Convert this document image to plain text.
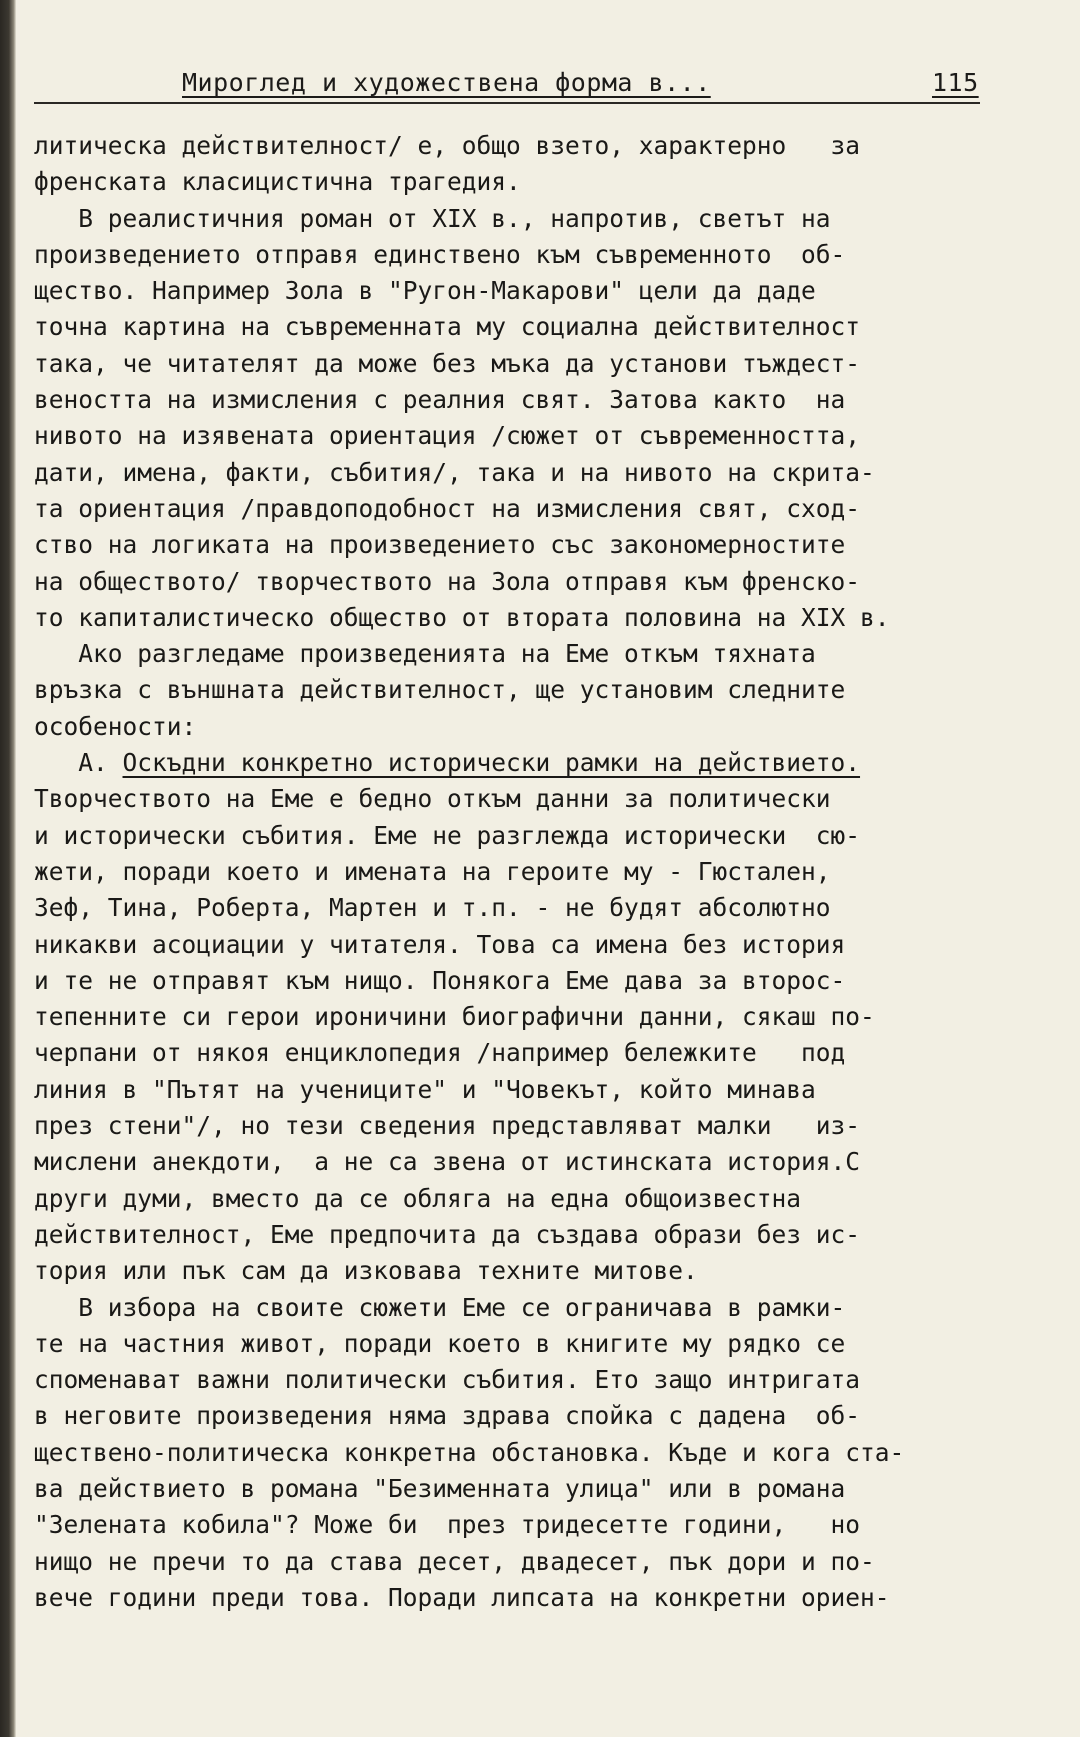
Мироглед и художествена форма в...	115
литическа действителност/ е, общо взето, характерно   за
френската класицистична трагедия.
В реалистичния роман от XIX в., напротив, светът на
произведението отправя единствено към съвременното  об-
щество. Например Зола в "Ругон-Макарови" цели да даде
точна картина на съвременната му социална действителност
така, че читателят да може без мъка да установи тъждест-
веността на измисления с реалния свят. Затова както  на
нивото на изявената ориентация /сюжет от съвременността,
дати, имена, факти, събития/, така и на нивото на скрита-
та ориентация /правдоподобност на измисления свят, сход-
ство на логиката на произведението със закономерностите
на обществото/ творчеството на Зола отправя към френско-
то капиталистическо общество от втората половина на XIX в.
Ако разгледаме произведенията на Еме откъм тяхната
връзка с външната действителност, ще установим следните
особености:
А. Оскъдни конкретно исторически рамки на действието.
Творчеството на Еме е бедно откъм данни за политически
и исторически събития. Еме не разглежда исторически  сю-
жети, поради което и имената на героите му - Гюстален,
Зеф, Тина, Роберта, Мартен и т.п. - не будят абсолютно
никакви асоциации у читателя. Това са имена без история
и те не отправят към нищо. Понякога Еме дава за второс-
тепенните си герои ироничини биографични данни, сякаш по-
черпани от някоя енциклопедия /например бележките   под
линия в "Пътят на учениците" и "Човекът, който минава
през стени"/, но тези сведения представляват малки   из-
мислени анекдоти,  а не са звена от истинската история.С
други думи, вместо да се обляга на една общоизвестна
действителност, Еме предпочита да създава образи без ис-
тория или пък сам да изковава техните митове.
В избора на своите сюжети Еме се ограничава в рамки-
те на частния живот, поради което в книгите му рядко се
споменават важни политически събития. Ето защо интригата
в неговите произведения няма здрава спойка с дадена  об-
ществено-политическа конкретна обстановка. Къде и кога ста-
ва действието в романа "Безименната улица" или в романа
"Зелената кобила"? Може би  през тридесетте години,   но
нищо не пречи то да става десет, двадесет, пък дори и по-
вече години преди това. Поради липсата на конкретни ориен-
